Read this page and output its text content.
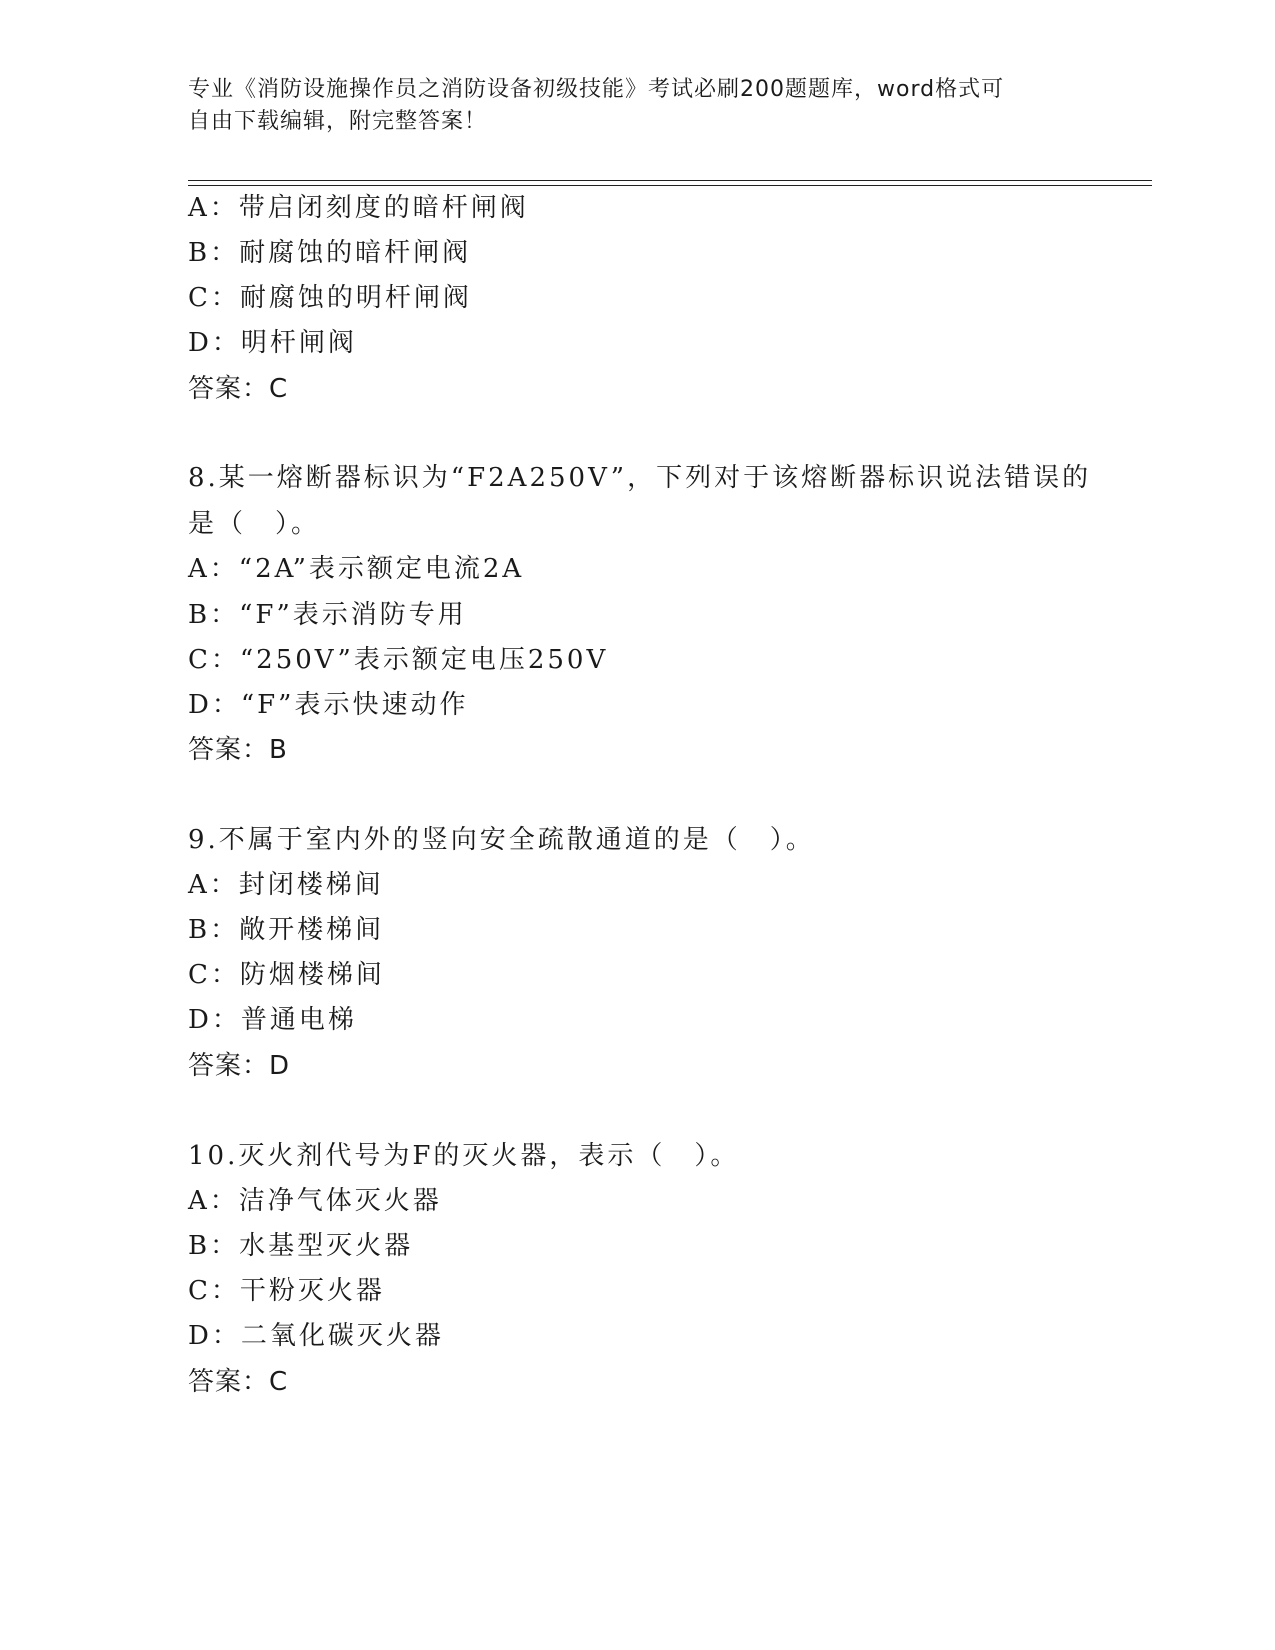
专业《消防设施操作员之消防设备初级技能》考试必刷200题题库，word格式可
自由下载编辑，附完整答案！
A：带启闭刻度的暗杆闸阀
B：耐腐蚀的暗杆闸阀
C：耐腐蚀的明杆闸阀
D：明杆闸阀
答案：C
8.某一熔断器标识为“F2A250V”，下列对于该熔断器标识说法错误的
是（　）。
A：“2A”表示额定电流2A
B：“F”表示消防专用
C：“250V”表示额定电压250V
D：“F”表示快速动作
答案：B
9.不属于室内外的竖向安全疏散通道的是（　）。
A：封闭楼梯间
B：敞开楼梯间
C：防烟楼梯间
D：普通电梯
答案：D
10.灭火剂代号为F的灭火器，表示（　）。
A：洁净气体灭火器
B：水基型灭火器
C：干粉灭火器
D：二氧化碳灭火器
答案：C
